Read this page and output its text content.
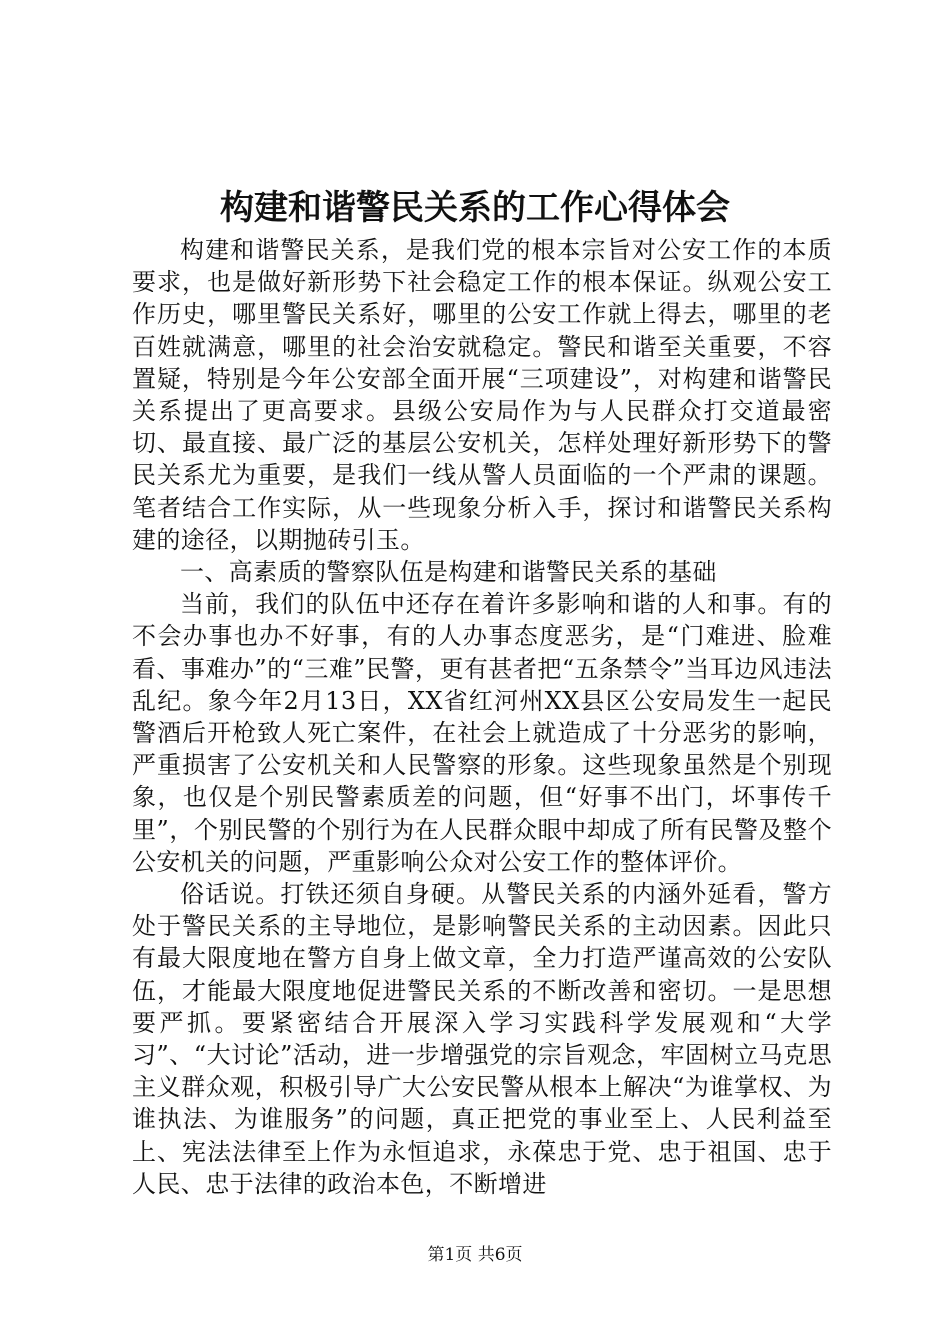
构建和谐警民关系的工作心得体会

构建和谐警民关系，是我们党的根本宗旨对公安工作的本质要求，也是做好新形势下社会稳定工作的根本保证。纵观公安工作历史，哪里警民关系好，哪里的公安工作就上得去，哪里的老百姓就满意，哪里的社会治安就稳定。警民和谐至关重要，不容置疑，特别是今年公安部全面开展“三项建设”，对构建和谐警民关系提出了更高要求。县级公安局作为与人民群众打交道最密切、最直接、最广泛的基层公安机关，怎样处理好新形势下的警民关系尤为重要，是我们一线从警人员面临的一个严肃的课题。笔者结合工作实际，从一些现象分析入手，探讨和谐警民关系构建的途径，以期抛砖引玉。

一、高素质的警察队伍是构建和谐警民关系的基础

当前，我们的队伍中还存在着许多影响和谐的人和事。有的不会办事也办不好事，有的人办事态度恶劣，是“门难进、脸难看、事难办”的“三难”民警，更有甚者把“五条禁令”当耳边风违法乱纪。象今年2月13日，XX省红河州XX县区公安局发生一起民警酒后开枪致人死亡案件，在社会上就造成了十分恶劣的影响，严重损害了公安机关和人民警察的形象。这些现象虽然是个别现象，也仅是个别民警素质差的问题，但“好事不出门，坏事传千里”，个别民警的个别行为在人民群众眼中却成了所有民警及整个公安机关的问题，严重影响公众对公安工作的整体评价。

俗话说。打铁还须自身硬。从警民关系的内涵外延看，警方处于警民关系的主导地位，是影响警民关系的主动因素。因此只有最大限度地在警方自身上做文章，全力打造严谨高效的公安队伍，才能最大限度地促进警民关系的不断改善和密切。一是思想要严抓。要紧密结合开展深入学习实践科学发展观和“大学习”、“大讨论”活动，进一步增强党的宗旨观念，牢固树立马克思主义群众观，积极引导广大公安民警从根本上解决“为谁掌权、为谁执法、为谁服务”的问题，真正把党的事业至上、人民利益至上、宪法法律至上作为永恒追求，永葆忠于党、忠于祖国、忠于人民、忠于法律的政治本色，不断增进

第1页 共6页
